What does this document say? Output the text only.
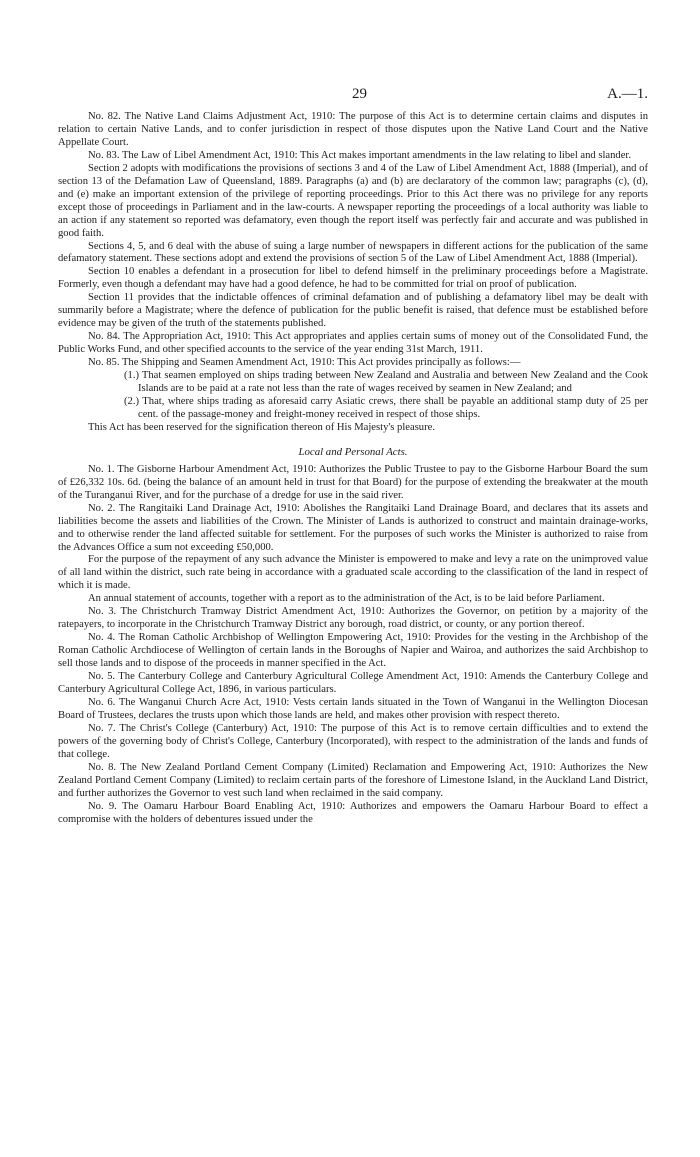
29	A.—1.

No. 82. The Native Land Claims Adjustment Act, 1910: The purpose of this Act is to determine certain claims and disputes in relation to certain Native Lands, and to confer jurisdiction in respect of those disputes upon the Native Land Court and the Native Appellate Court.

No. 83. The Law of Libel Amendment Act, 1910: This Act makes important amendments in the law relating to libel and slander.

Section 2 adopts with modifications the provisions of sections 3 and 4 of the Law of Libel Amendment Act, 1888 (Imperial), and of section 13 of the Defamation Law of Queensland, 1889. Paragraphs (a) and (b) are declaratory of the common law; paragraphs (c), (d), and (e) make an important extension of the privilege of reporting proceedings. Prior to this Act there was no privilege for any reports except those of proceedings in Parliament and in the law-courts. A newspaper reporting the proceedings of a local authority was liable to an action if any statement so reported was defamatory, even though the report itself was perfectly fair and accurate and was published in good faith.

Sections 4, 5, and 6 deal with the abuse of suing a large number of newspapers in different actions for the publication of the same defamatory statement. These sections adopt and extend the provisions of section 5 of the Law of Libel Amendment Act, 1888 (Imperial).

Section 10 enables a defendant in a prosecution for libel to defend himself in the preliminary proceedings before a Magistrate. Formerly, even though a defendant may have had a good defence, he had to be committed for trial on proof of publication.

Section 11 provides that the indictable offences of criminal defamation and of publishing a defamatory libel may be dealt with summarily before a Magistrate; where the defence of publication for the public benefit is raised, that defence must be established before evidence may be given of the truth of the statements published.

No. 84. The Appropriation Act, 1910: This Act appropriates and applies certain sums of money out of the Consolidated Fund, the Public Works Fund, and other specified accounts to the service of the year ending 31st March, 1911.

No. 85. The Shipping and Seamen Amendment Act, 1910: This Act provides principally as follows:—

(1.) That seamen employed on ships trading between New Zealand and Australia and between New Zealand and the Cook Islands are to be paid at a rate not less than the rate of wages received by seamen in New Zealand; and

(2.) That, where ships trading as aforesaid carry Asiatic crews, there shall be payable an additional stamp duty of 25 per cent. of the passage-money and freight-money received in respect of those ships.

This Act has been reserved for the signification thereon of His Majesty's pleasure.

Local and Personal Acts.

No. 1. The Gisborne Harbour Amendment Act, 1910: Authorizes the Public Trustee to pay to the Gisborne Harbour Board the sum of £26,332 10s. 6d. (being the balance of an amount held in trust for that Board) for the purpose of extending the breakwater at the mouth of the Turanganui River, and for the purchase of a dredge for use in the said river.

No. 2. The Rangitaiki Land Drainage Act, 1910: Abolishes the Rangitaiki Land Drainage Board, and declares that its assets and liabilities become the assets and liabilities of the Crown. The Minister of Lands is authorized to construct and maintain drainage-works, and to otherwise render the land affected suitable for settlement. For the purposes of such works the Minister is authorized to raise from the Advances Office a sum not exceeding £50,000.

For the purpose of the repayment of any such advance the Minister is empowered to make and levy a rate on the unimproved value of all land within the district, such rate being in accordance with a graduated scale according to the classification of the land in respect of which it is made.

An annual statement of accounts, together with a report as to the administration of the Act, is to be laid before Parliament.

No. 3. The Christchurch Tramway District Amendment Act, 1910: Authorizes the Governor, on petition by a majority of the ratepayers, to incorporate in the Christchurch Tramway District any borough, road district, or county, or any portion thereof.

No. 4. The Roman Catholic Archbishop of Wellington Empowering Act, 1910: Provides for the vesting in the Archbishop of the Roman Catholic Archdiocese of Wellington of certain lands in the Boroughs of Napier and Wairoa, and authorizes the said Archbishop to sell those lands and to dispose of the proceeds in manner specified in the Act.

No. 5. The Canterbury College and Canterbury Agricultural College Amendment Act, 1910: Amends the Canterbury College and Canterbury Agricultural College Act, 1896, in various particulars.

No. 6. The Wanganui Church Acre Act, 1910: Vests certain lands situated in the Town of Wanganui in the Wellington Diocesan Board of Trustees, declares the trusts upon which those lands are held, and makes other provision with respect thereto.

No. 7. The Christ's College (Canterbury) Act, 1910: The purpose of this Act is to remove certain difficulties and to extend the powers of the governing body of Christ's College, Canterbury (Incorporated), with respect to the administration of the lands and funds of that college.

No. 8. The New Zealand Portland Cement Company (Limited) Reclamation and Empowering Act, 1910: Authorizes the New Zealand Portland Cement Company (Limited) to reclaim certain parts of the foreshore of Limestone Island, in the Auckland Land District, and further authorizes the Governor to vest such land when reclaimed in the said company.

No. 9. The Oamaru Harbour Board Enabling Act, 1910: Authorizes and empowers the Oamaru Harbour Board to effect a compromise with the holders of debentures issued under the
